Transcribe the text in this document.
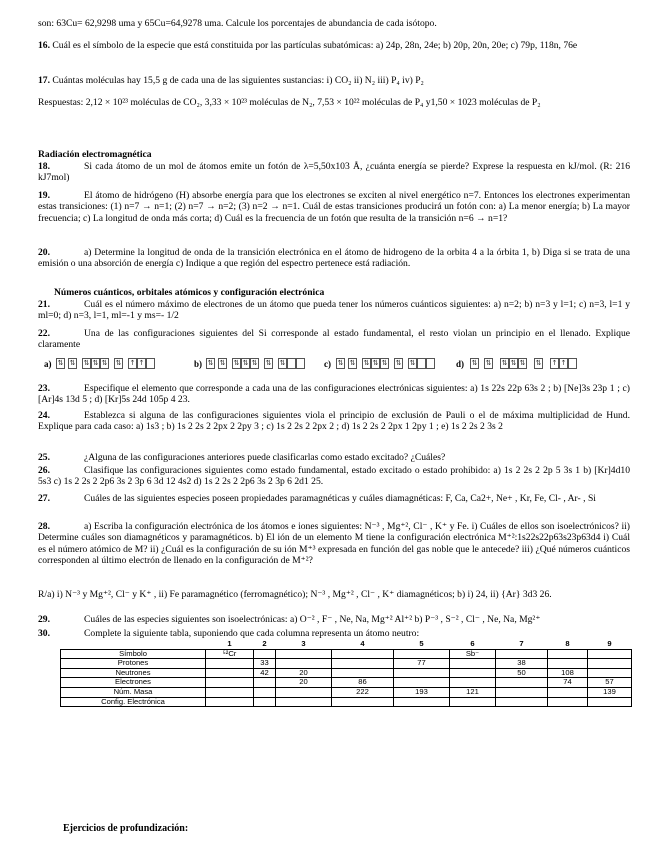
son: 63Cu= 62,9298 uma y 65Cu=64,9278 uma. Calcule los porcentajes de abundancia de cada isótopo.
16. Cuál es el símbolo de la especie que está constituida por las partículas subatómicas: a) 24p, 28n, 24e; b) 20p, 20n, 20e; c) 79p, 118n, 76e
17. Cuántas moléculas hay 15,5 g de cada una de las siguientes sustancias: i) CO₂ ii) N₂ iii) P₄ iv) P₂
Respuestas: 2,12 × 10²³ moléculas de CO₂, 3,33 × 10²³ moléculas de N₂, 7,53 × 10²² moléculas de P₄ y1,50 × 1023 moléculas de P₂
Radiación electromagnética
18.	Si cada átomo de un mol de átomos emite un fotón de λ=5,50x103 Å, ¿cuánta energía se pierde? Exprese la respuesta en kJ/mol. (R: 216 kJ7mol)
19.	El átomo de hidrógeno (H) absorbe energía para que los electrones se exciten al nivel energético n=7. Entonces los electrones experimentan estas transiciones: (1) n=7 → n=1; (2) n=7 → n=2; (3) n=2 → n=1. Cuál de estas transiciones producirá un fotón con: a) La menor energía; b) La mayor frecuencia; c) La longitud de onda más corta; d) Cuál es la frecuencia de un fotón que resulta de la transición n=6 → n=1?
20.	a) Determine la longitud de onda de la transición electrónica en el átomo de hidrogeno de la orbita 4 a la órbita 1, b) Diga si se trata de una emisión o una absorción de energía c) Indique a que región del espectro pertenece está radiación.
Números cuánticos, orbitales atómicos y configuración electrónica
21.	Cuál es el número máximo de electrones de un átomo que pueda tener los números cuánticos siguientes: a) n=2; b) n=3 y l=1; c) n=3, l=1 y ml=0; d) n=3, l=1, ml=-1 y ms=- 1/2
22.	Una de las configuraciones siguientes del Si corresponde al estado fundamental, el resto violan un principio en el llenado. Explique claramente
a) ⇅ ⇅ ⇅ ⇅ ⇅ ⇅ ↑ ↑	b) ⇅ ⇅ ⇅ ⇅ ⇅ ⇅ ⇅	c) ⇅ ⇅ ⇅ ⇅ ⇅ ⇅ ⇅	d) ⇅ ⇅ ⇅ ⇅ ⇅ ⇅ ↑ ↑
23.	Especifique el elemento que corresponde a cada una de las configuraciones electrónicas siguientes: a) 1s 22s 22p 63s 2 ; b) [Ne]3s 23p 1 ; c) [Ar]4s 13d 5 ; d) [Kr]5s 24d 105p 4 23.
24.	Establezca si alguna de las configuraciones siguientes viola el principio de exclusión de Pauli o el de máxima multiplicidad de Hund. Explique para cada caso: a) 1s3 ; b) 1s 2 2s 2 2px 2 2py 3 ; c) 1s 2 2s 2 2px 2 ; d) 1s 2 2s 2 2px 1 2py 1 ; e) 1s 2 2s 2 3s 2
25.	¿Alguna de las configuraciones anteriores puede clasificarlas como estado excitado? ¿Cuáles?
26.	Clasifique las configuraciones siguientes como estado fundamental, estado excitado o estado prohibido: a) 1s 2 2s 2 2p 5 3s 1 b) [Kr]4d10 5s3 c) 1s 2 2s 2 2p6 3s 2 3p 6 3d 12 4s2 d) 1s 2 2s 2 2p6 3s 2 3p 6 2d1 25.
27.	Cuáles de las siguientes especies poseen propiedades paramagnéticas y cuáles diamagnéticas: F, Ca, Ca2+, Ne+ , Kr, Fe, Cl- , Ar- , Si
28.	a) Escriba la configuración electrónica de los átomos e iones siguientes: N⁻³ , Mg⁺², Cl⁻ , K⁺ y Fe. i) Cuáles de ellos son isoelectrónicos? ii) Determine cuáles son diamagnéticos y paramagnéticos. b) El ión de un elemento M tiene la configuración electrónica M⁺²:1s22s22p63s23p63d4 i) Cuál es el número atómico de M? ii) ¿Cuál es la configuración de su ión M⁺³ expresada en función del gas noble que le antecede? iii) ¿Qué números cuánticos corresponden al último electrón de llenado en la configuración de M⁺²?
R/a) i) N⁻³ y Mg⁺², Cl⁻ y K⁺ , ii) Fe paramagnético (ferromagnético); N⁻³ , Mg⁺² , Cl⁻ , K⁺ diamagnéticos; b) i) 24, ii) {Ar} 3d3 26.
29.	Cuáles de las especies siguientes son isoelectrónicas: a) O⁻² , F⁻ , Ne, Na, Mg⁺² Al⁺² b) P⁻³ , S⁻² , Cl⁻ , Ne, Na, Mg²⁺
30.	Complete la siguiente tabla, suponiendo que cada columna representa un átomo neutro:
	1	2	3	4	5	6	7	8	9
Símbolo	⁵²Cr					Sb⁻			
Protones		33			77		38		
Neutrones		42	20				50	108	
Electrones			20	86				74	57
Núm. Masa				222	193	121			139
Config. Electrónica									
Ejercicios de profundización:
